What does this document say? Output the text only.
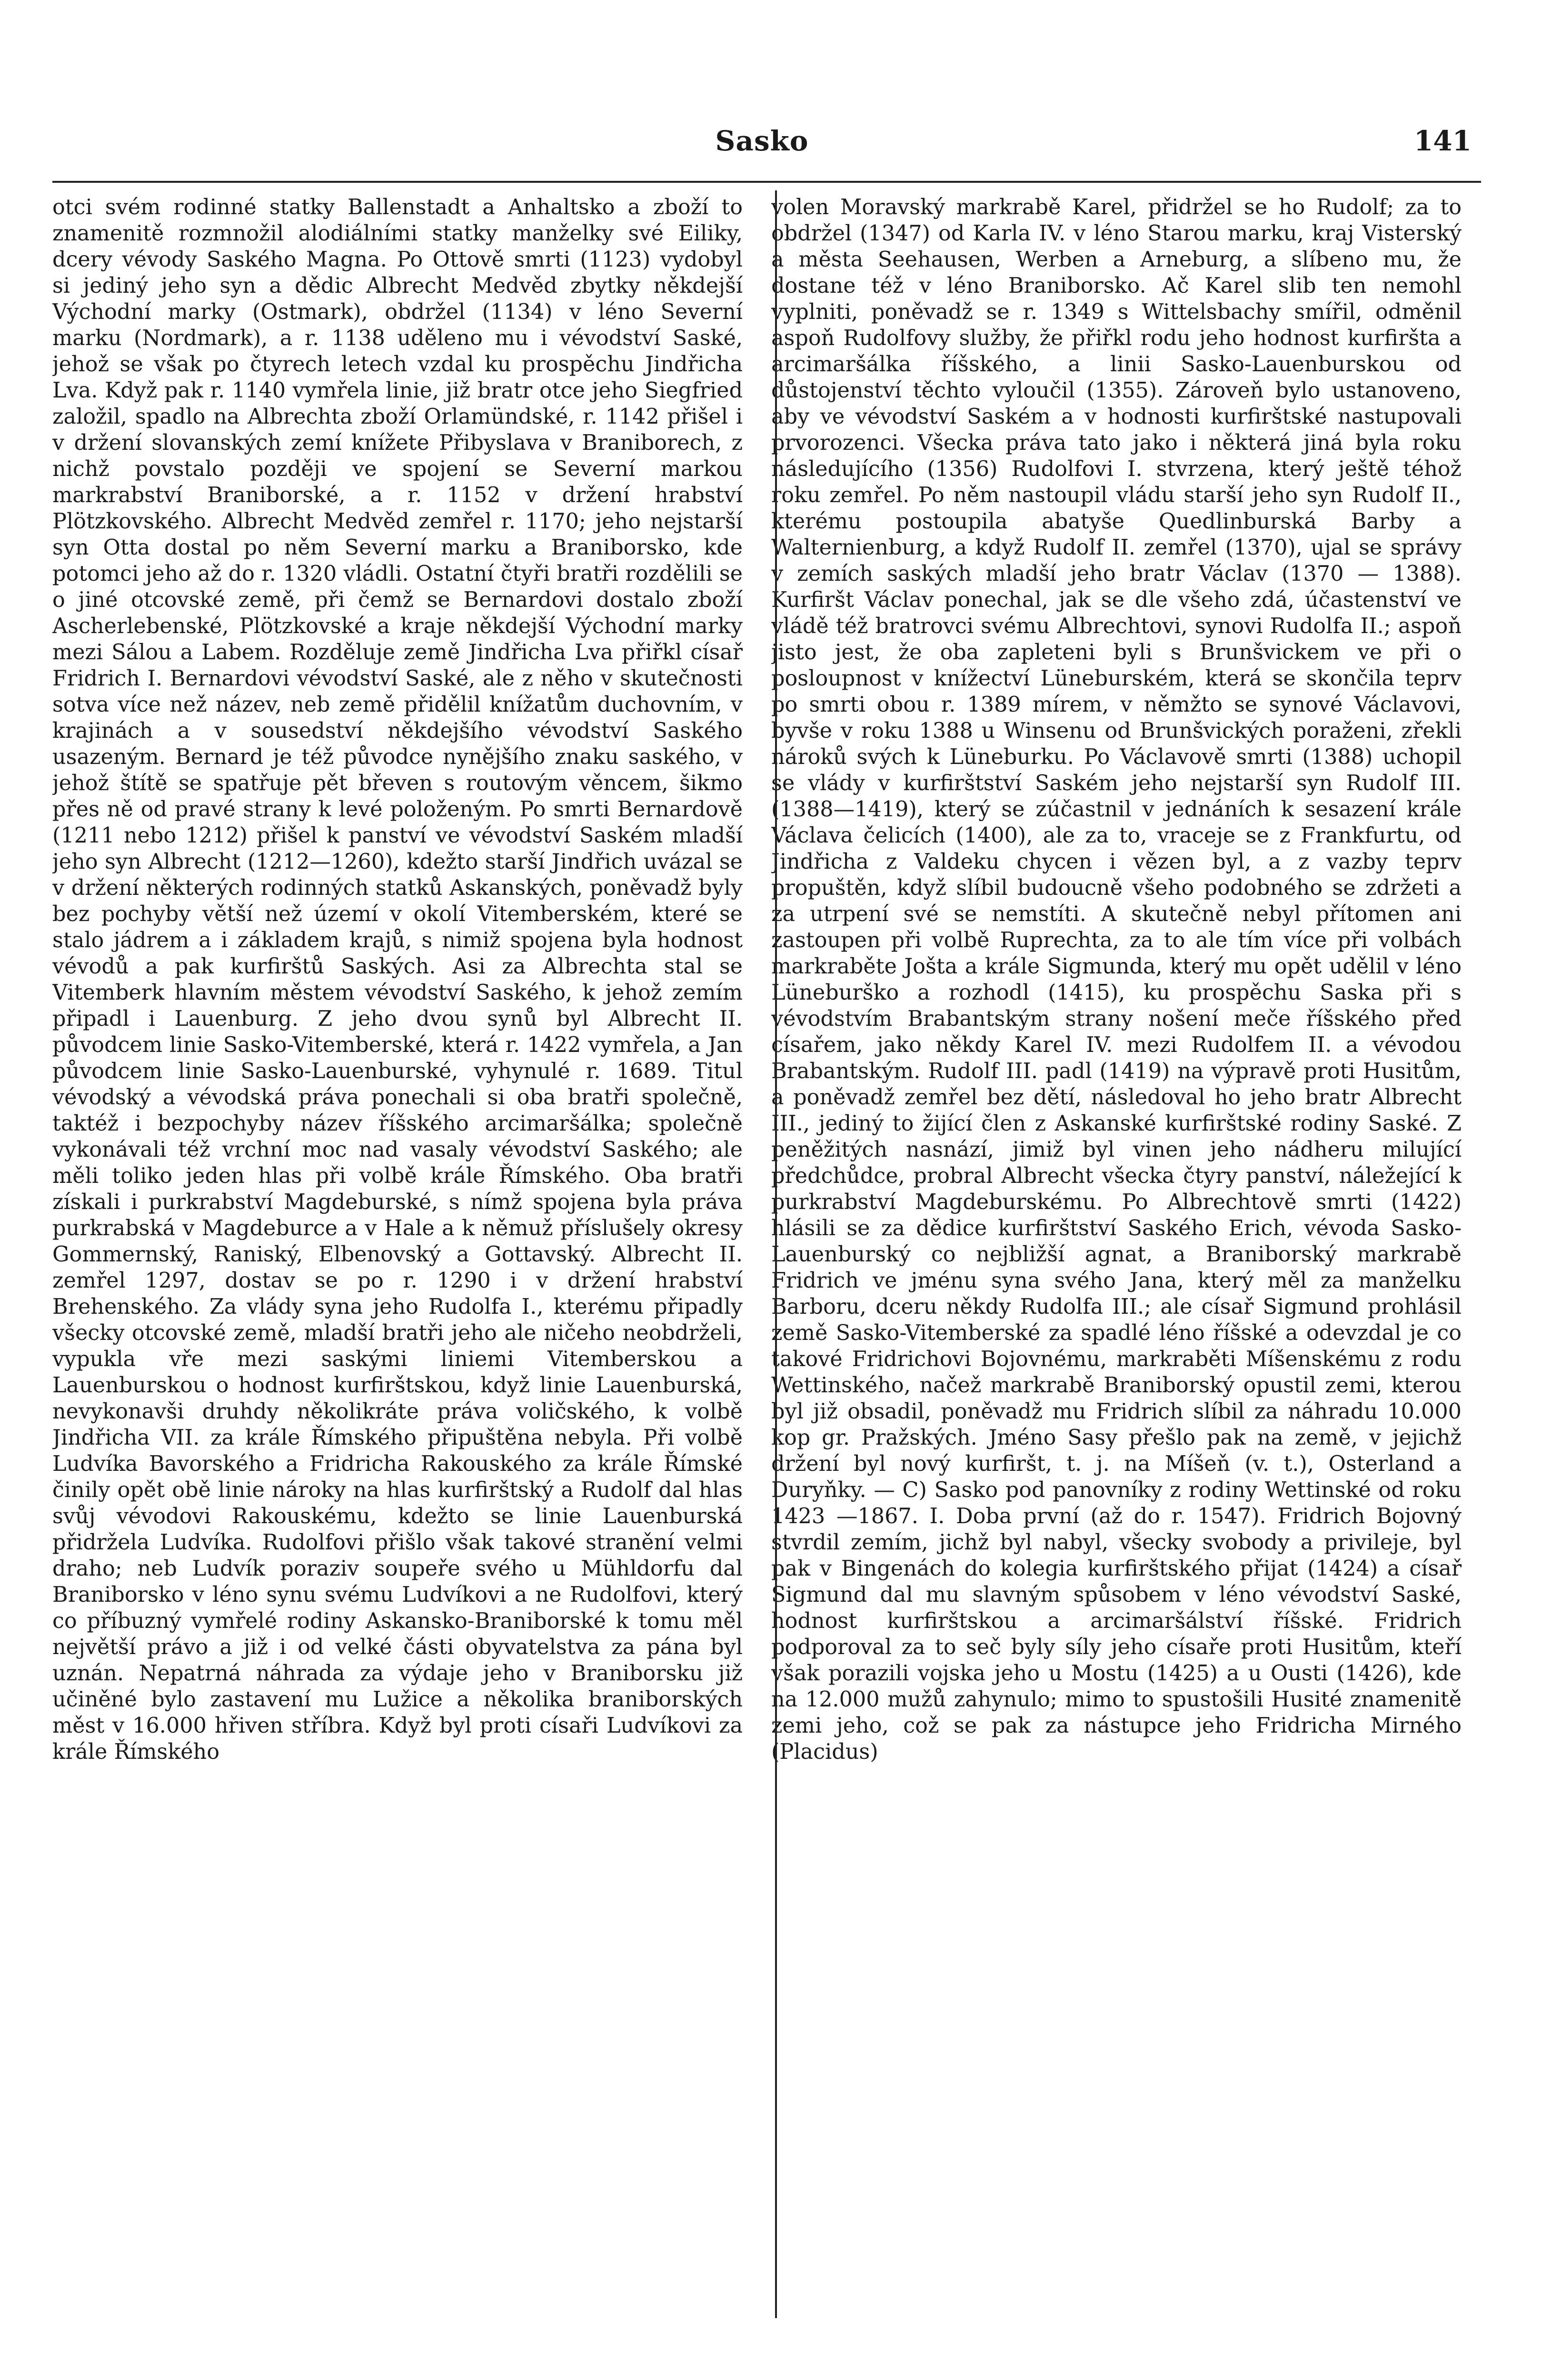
Sasko	141

otci svém rodinné statky Ballenstadt a Anhaltsko a zboží to znamenitě rozmnožil alodiálními statky manželky své Eiliky, dcery vévody Saského Magna. Po Ottově smrti (1123) vydobyl si jediný jeho syn a dědic Albrecht Medvěd zbytky někdejší Východní marky (Ostmark), obdržel (1134) v léno Severní marku (Nordmark), a r. 1138 uděleno mu i vévodství Saské, jehož se však po čtyrech letech vzdal ku prospěchu Jindřicha Lva. Když pak r. 1140 vymřela linie, již bratr otce jeho Siegfried založil, spadlo na Albrechta zboží Orlamündské, r. 1142 přišel i v držení slovanských zemí knížete Přibyslava v Braniborech, z nichž povstalo později ve spojení se Severní markou markrabství Braniborské, a r. 1152 v držení hrabství Plötzkovského. Albrecht Medvěd zemřel r. 1170; jeho nejstarší syn Otta dostal po něm Severní marku a Braniborsko, kde potomci jeho až do r. 1320 vládli. Ostatní čtyři bratři rozdělili se o jiné otcovské země, při čemž se Bernardovi dostalo zboží Ascherlebenské, Plötzkovské a kraje někdejší Východní marky mezi Sálou a Labem. Rozděluje země Jindřicha Lva přiřkl císař Fridrich I. Bernardovi vévodství Saské, ale z něho v skutečnosti sotva více než název, neb země přidělil knížatům duchovním, v krajinách a v sousedství někdejšího vévodství Saského usazeným. Bernard je též původce nynějšího znaku saského, v jehož štítě se spatřuje pět břeven s routovým věncem, šikmo přes ně od pravé strany k levé položeným. Po smrti Bernardově (1211 nebo 1212) přišel k panství ve vévodství Saském mladší jeho syn Albrecht (1212—1260), kdežto starší Jindřich uvázal se v držení některých rodinných statků Askanských, poněvadž byly bez pochyby větší než území v okolí Vitemberském, které se stalo jádrem a i základem krajů, s nimiž spojena byla hodnost vévodů a pak kurfirštů Saských. Asi za Albrechta stal se Vitemberk hlavním městem vévodství Saského, k jehož zemím připadl i Lauenburg. Z jeho dvou synů byl Albrecht II. původcem linie Sasko-Vitemberské, která r. 1422 vymřela, a Jan původcem linie Sasko-Lauenburské, vyhynulé r. 1689. Titul vévodský a vévodská práva ponechali si oba bratři společně, taktéž i bezpochyby název říšského arcimaršálka; společně vykonávali též vrchní moc nad vasaly vévodství Saského; ale měli toliko jeden hlas při volbě krále Římského. Oba bratři získali i purkrabství Magdeburské, s nímž spojena byla práva purkrabská v Magdeburce a v Hale a k němuž příslušely okresy Gommernský, Raniský, Elbenovský a Gottavský. Albrecht II. zemřel 1297, dostav se po r. 1290 i v držení hrabství Brehenského. Za vlády syna jeho Rudolfa I., kterému připadly všecky otcovské země, mladší bratři jeho ale ničeho neobdrželi, vypukla vře mezi saskými liniemi Vitemberskou a Lauenburskou o hodnost kurfirštskou, když linie Lauenburská, nevykonavši druhdy několikráte práva voličského, k volbě Jindřicha VII. za krále Římského připuštěna nebyla. Při volbě Ludvíka Bavorského a Fridricha Rakouského za krále Římské činily opět obě linie nároky na hlas kurfirštský a Rudolf dal hlas svůj vévodovi Rakouskému, kdežto se linie Lauenburská přidržela Ludvíka. Rudolfovi přišlo však takové stranění velmi draho; neb Ludvík poraziv soupeře svého u Mühldorfu dal Braniborsko v léno synu svému Ludvíkovi a ne Rudolfovi, který co příbuzný vymřelé rodiny Askansko-Braniborské k tomu měl největší právo a již i od velké části obyvatelstva za pána byl uznán. Nepatrná náhrada za výdaje jeho v Braniborsku již učiněné bylo zastavení mu Lužice a několika braniborských měst v 16.000 hřiven stříbra. Když byl proti císaři Ludvíkovi za krále Římského

volen Moravský markrabě Karel, přidržel se ho Rudolf; za to obdržel (1347) od Karla IV. v léno Starou marku, kraj Visterský a města Seehausen, Werben a Arneburg, a slíbeno mu, že dostane též v léno Braniborsko. Ač Karel slib ten nemohl vyplniti, poněvadž se r. 1349 s Wittelsbachy smířil, odměnil aspoň Rudolfovy služby, že přiřkl rodu jeho hodnost kurfiršta a arcimaršálka říšského, a linii Sasko-Lauenburskou od důstojenství těchto vyloučil (1355). Zároveň bylo ustanoveno, aby ve vévodství Saském a v hodnosti kurfirštské nastupovali prvorozenci. Všecka práva tato jako i některá jiná byla roku následujícího (1356) Rudolfovi I. stvrzena, který ještě téhož roku zemřel. Po něm nastoupil vládu starší jeho syn Rudolf II., kterému postoupila abatyše Quedlinburská Barby a Walternienburg, a když Rudolf II. zemřel (1370), ujal se správy v zemích saských mladší jeho bratr Václav (1370 — 1388). Kurfiršt Václav ponechal, jak se dle všeho zdá, účastenství ve vládě též bratrovci svému Albrechtovi, synovi Rudolfa II.; aspoň jisto jest, že oba zapleteni byli s Brunšvickem ve při o posloupnost v knížectví Lüneburském, která se skončila teprv po smrti obou r. 1389 mírem, v němžto se synové Václavovi, byvše v roku 1388 u Winsenu od Brunšvických poraženi, zřekli nároků svých k Lüneburku. Po Václavově smrti (1388) uchopil se vlády v kurfirštství Saském jeho nejstarší syn Rudolf III. (1388—1419), který se zúčastnil v jednáních k sesazení krále Václava čelicích (1400), ale za to, vraceje se z Frankfurtu, od Jindřicha z Valdeku chycen i vězen byl, a z vazby teprv propuštěn, když slíbil budoucně všeho podobného se zdržeti a za utrpení své se nemstíti. A skutečně nebyl přítomen ani zastoupen při volbě Ruprechta, za to ale tím více při volbách markraběte Jošta a krále Sigmunda, který mu opět udělil v léno Lüneburško a rozhodl (1415), ku prospěchu Saska při s vévodstvím Brabantským strany nošení meče říšského před císařem, jako někdy Karel IV. mezi Rudolfem II. a vévodou Brabantským. Rudolf III. padl (1419) na výpravě proti Husitům, a poněvadž zemřel bez dětí, následoval ho jeho bratr Albrecht III., jediný to žijící člen z Askanské kurfirštské rodiny Saské. Z peněžitých nasnází, jimiž byl vinen jeho nádheru milující předchůdce, probral Albrecht všecka čtyry panství, náležející k purkrabství Magdeburskému. Po Albrechtově smrti (1422) hlásili se za dědice kurfirštství Saského Erich, vévoda Sasko-Lauenburský co nejbližší agnat, a Braniborský markrabě Fridrich ve jménu syna svého Jana, který měl za manželku Barboru, dceru někdy Rudolfa III.; ale císař Sigmund prohlásil země Sasko-Vitemberské za spadlé léno říšské a odevzdal je co takové Fridrichovi Bojovnému, markraběti Míšenskému z rodu Wettinského, načež markrabě Braniborský opustil zemi, kterou byl již obsadil, poněvadž mu Fridrich slíbil za náhradu 10.000 kop gr. Pražských. Jméno Sasy přešlo pak na země, v jejichž držení byl nový kurfiršt, t. j. na Míšeň (v. t.), Osterland a Duryňky. — C) Sasko pod panovníky z rodiny Wettinské od roku 1423 —1867. I. Doba první (až do r. 1547). Fridrich Bojovný stvrdil zemím, jichž byl nabyl, všecky svobody a privileje, byl pak v Bingenách do kolegia kurfirštského přijat (1424) a císař Sigmund dal mu slavným spůsobem v léno vévodství Saské, hodnost kurfirštskou a arcimaršálství říšské. Fridrich podporoval za to seč byly síly jeho císaře proti Husitům, kteří však porazili vojska jeho u Mostu (1425) a u Ousti (1426), kde na 12.000 mužů zahynulo; mimo to spustošili Husité znamenitě zemi jeho, což se pak za nástupce jeho Fridricha Mirného (Placidus)
